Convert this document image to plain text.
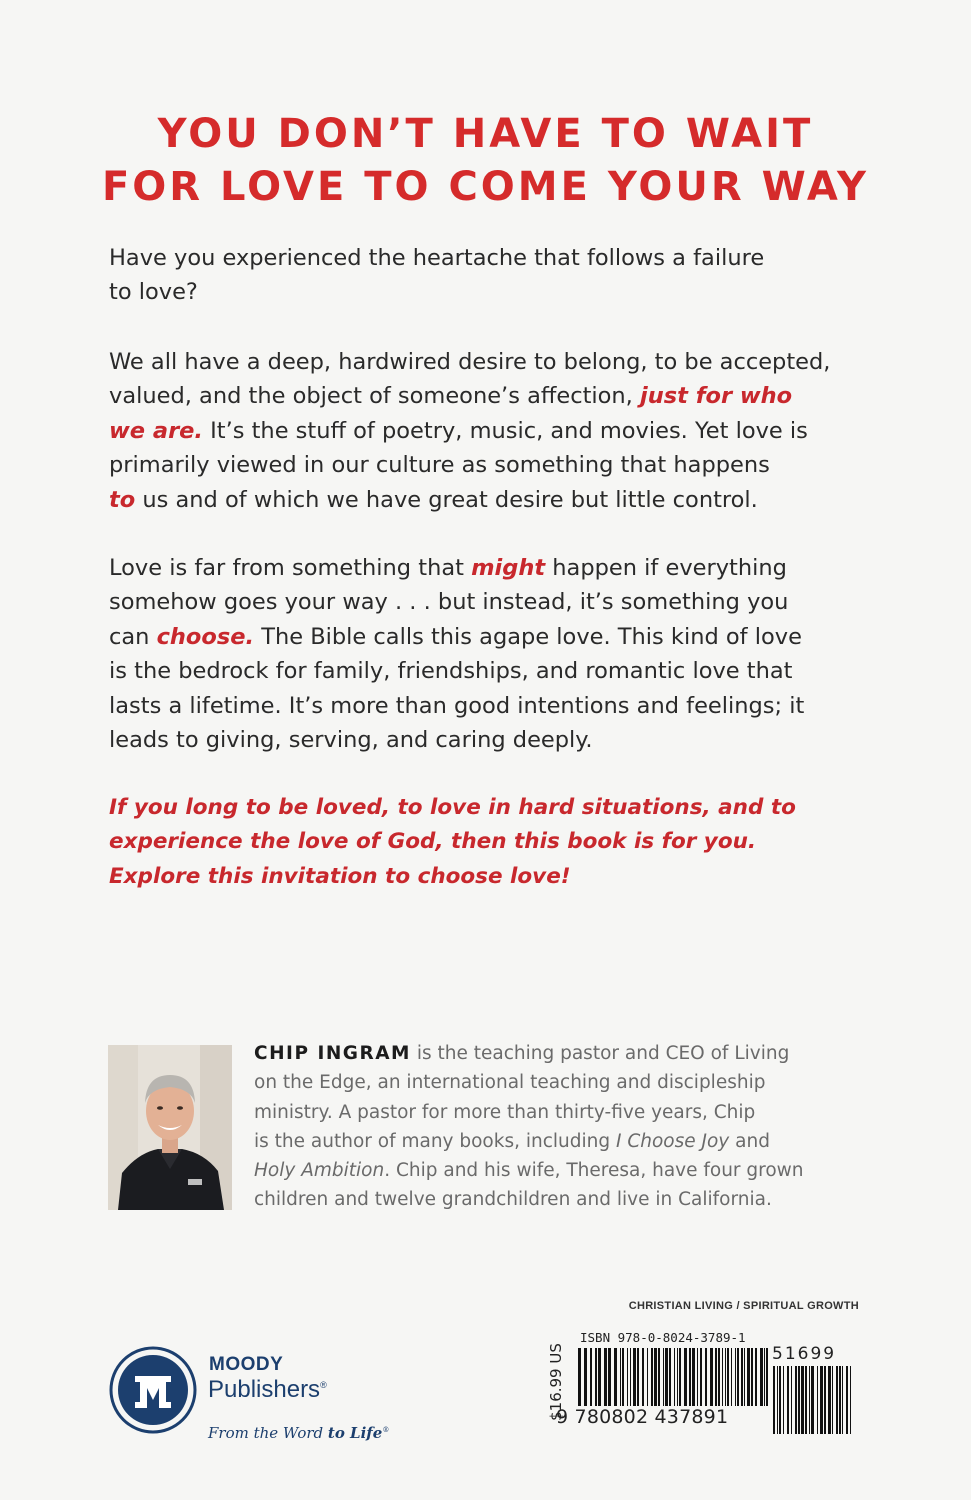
YOU DON’T HAVE TO WAIT
FOR LOVE TO COME YOUR WAY
Have you experienced the heartache that follows a failure
to love?
We all have a deep, hardwired desire to belong, to be accepted,
valued, and the object of someone’s affection, just for who
we are. It’s the stuff of poetry, music, and movies. Yet love is
primarily viewed in our culture as something that happens
to us and of which we have great desire but little control.
Love is far from something that might happen if everything
somehow goes your way . . . but instead, it’s something you
can choose. The Bible calls this agape love. This kind of love
is the bedrock for family, friendships, and romantic love that
lasts a lifetime. It’s more than good intentions and feelings; it
leads to giving, serving, and caring deeply.
If you long to be loved, to love in hard situations, and to
experience the love of God, then this book is for you.
Explore this invitation to choose love!
CHIP INGRAM is the teaching pastor and CEO of Living
on the Edge, an international teaching and discipleship
ministry. A pastor for more than thirty-five years, Chip
is the author of many books, including I Choose Joy and
Holy Ambition. Chip and his wife, Theresa, have four grown
children and twelve grandchildren and live in California.
CHRISTIAN LIVING / SPIRITUAL GROWTH
MOODY
Publishers®
From the Word to Life®
$16.99 US
ISBN 978-0-8024-3789-1
9 780802 437891
51699
